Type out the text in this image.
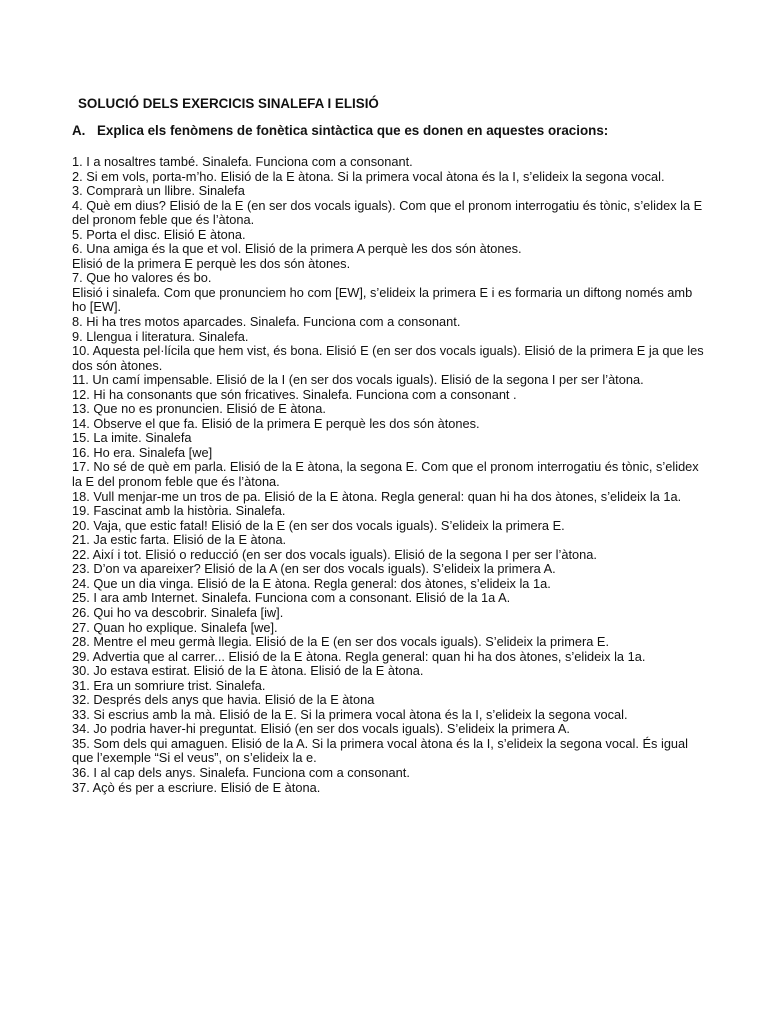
SOLUCIÓ DELS EXERCICIS SINALEFA I ELISIÓ
A. Explica els fenòmens de fonètica sintàctica que es donen en aquestes oracions:

1. I a nosaltres també. Sinalefa. Funciona com a consonant.

2. Si em vols, porta-m’ho. Elisió de la E àtona. Si la primera vocal àtona és la I, s’elideix la segona vocal.

3. Comprarà un llibre. Sinalefa

4. Què em dius? Elisió de la E (en ser dos vocals iguals). Com que el pronom interrogatiu és tònic, s’elidex la E del pronom feble que és l’àtona.

5. Porta el disc. Elisió E àtona.

6. Una amiga és la que et vol. Elisió de la primera A perquè les dos són àtones.

Elisió de la primera E perquè les dos són àtones.

7. Que ho valores és bo.

Elisió i sinalefa. Com que pronunciem ho com [EW], s’elideix la primera E i es formaria un diftong només amb ho [EW].

8. Hi ha tres motos aparcades. Sinalefa. Funciona com a consonant.

9. Llengua i literatura. Sinalefa.

10. Aquesta pel·lícila que hem vist, és bona. Elisió E (en ser dos vocals iguals). Elisió de la primera E ja que les dos són àtones.

11. Un camí impensable. Elisió de la I (en ser dos vocals iguals). Elisió de la segona I per ser l’àtona.

12. Hi ha consonants que són fricatives. Sinalefa. Funciona com a consonant .

13. Que no es pronuncien. Elisió de E àtona.

14. Observe el que fa. Elisió de la primera E perquè les dos són àtones.

15. La imite. Sinalefa

16. Ho era. Sinalefa [we]

17. No sé de què em parla. Elisió de la E àtona, la segona E. Com que el pronom interrogatiu és tònic, s’elidex la E del pronom feble que és l’àtona.

18. Vull menjar-me un tros de pa. Elisió de la E àtona. Regla general: quan hi ha dos àtones, s’elideix la 1a.

19. Fascinat amb la història. Sinalefa.

20. Vaja, que estic fatal! Elisió de la E (en ser dos vocals iguals). S’elideix la primera E.

21. Ja estic farta. Elisió de la E àtona.

22. Així i tot. Elisió o reducció (en ser dos vocals iguals). Elisió de la segona I per ser l’àtona.

23. D’on va apareixer? Elisió de la A (en ser dos vocals iguals). S’elideix la primera A.

24. Que un dia vinga. Elisió de la E àtona. Regla general: dos àtones, s’elideix la 1a.

25. I ara amb Internet. Sinalefa. Funciona com a consonant. Elisió de la 1a A.

26. Qui ho va descobrir. Sinalefa [iw].

27. Quan ho explique. Sinalefa [we].

28. Mentre el meu germà llegia. Elisió de la E (en ser dos vocals iguals). S’elideix la primera E.

29. Advertia que al carrer... Elisió de la E àtona. Regla general: quan hi ha dos àtones, s’elideix la 1a.

30. Jo estava estirat. Elisió de la E àtona. Elisió de la E àtona.

31. Era un somriure trist. Sinalefa.

32. Després dels anys que havia. Elisió de la E àtona

33. Si escrius amb la mà. Elisió de la E. Si la primera vocal àtona és la I, s’elideix la segona vocal.

34. Jo podria haver-hi preguntat. Elisió (en ser dos vocals iguals). S’elideix la primera A.

35. Som dels qui amaguen. Elisió de la A. Si la primera vocal àtona és la I, s’elideix la segona vocal. És igual que l’exemple “Si el veus”, on s’elideix la e.

36. I al cap dels anys. Sinalefa. Funciona com a consonant.

37. Açò és per a escriure. Elisió de E àtona.
